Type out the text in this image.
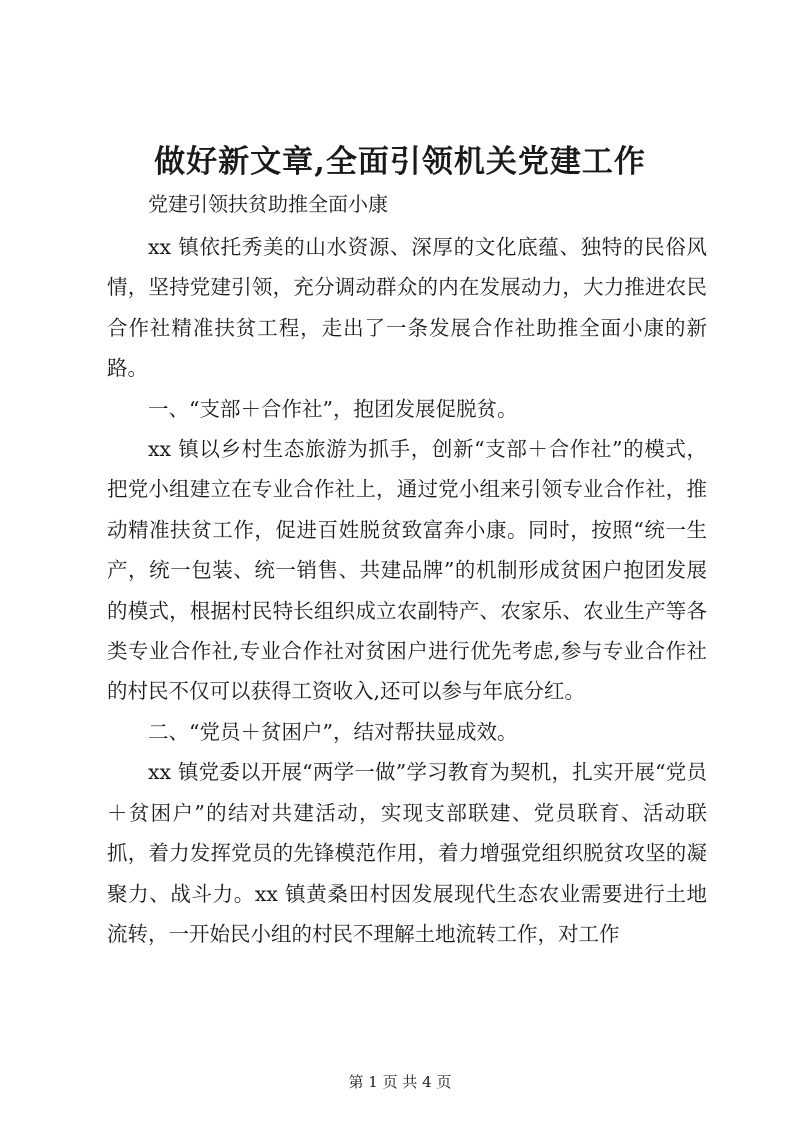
做好新文章,全面引领机关党建工作
党建引领扶贫助推全面小康

xx 镇依托秀美的山水资源、深厚的文化底蕴、独特的民俗风情，坚持党建引领，充分调动群众的内在发展动力，大力推进农民合作社精准扶贫工程，走出了一条发展合作社助推全面小康的新路。

一、“支部＋合作社”，抱团发展促脱贫。

xx 镇以乡村生态旅游为抓手，创新“支部＋合作社”的模式，把党小组建立在专业合作社上，通过党小组来引领专业合作社，推动精准扶贫工作，促进百姓脱贫致富奔小康。同时，按照“统一生产，统一包装、统一销售、共建品牌”的机制形成贫困户抱团发展的模式，根据村民特长组织成立农副特产、农家乐、农业生产等各类专业合作社,专业合作社对贫困户进行优先考虑,参与专业合作社的村民不仅可以获得工资收入,还可以参与年底分红。

二、“党员＋贫困户”，结对帮扶显成效。

xx 镇党委以开展“两学一做”学习教育为契机，扎实开展“党员＋贫困户”的结对共建活动，实现支部联建、党员联育、活动联抓，着力发挥党员的先锋模范作用，着力增强党组织脱贫攻坚的凝聚力、战斗力。xx 镇黄桑田村因发展现代生态农业需要进行土地流转，一开始民小组的村民不理解土地流转工作，对工作

第 1 页 共 4 页
